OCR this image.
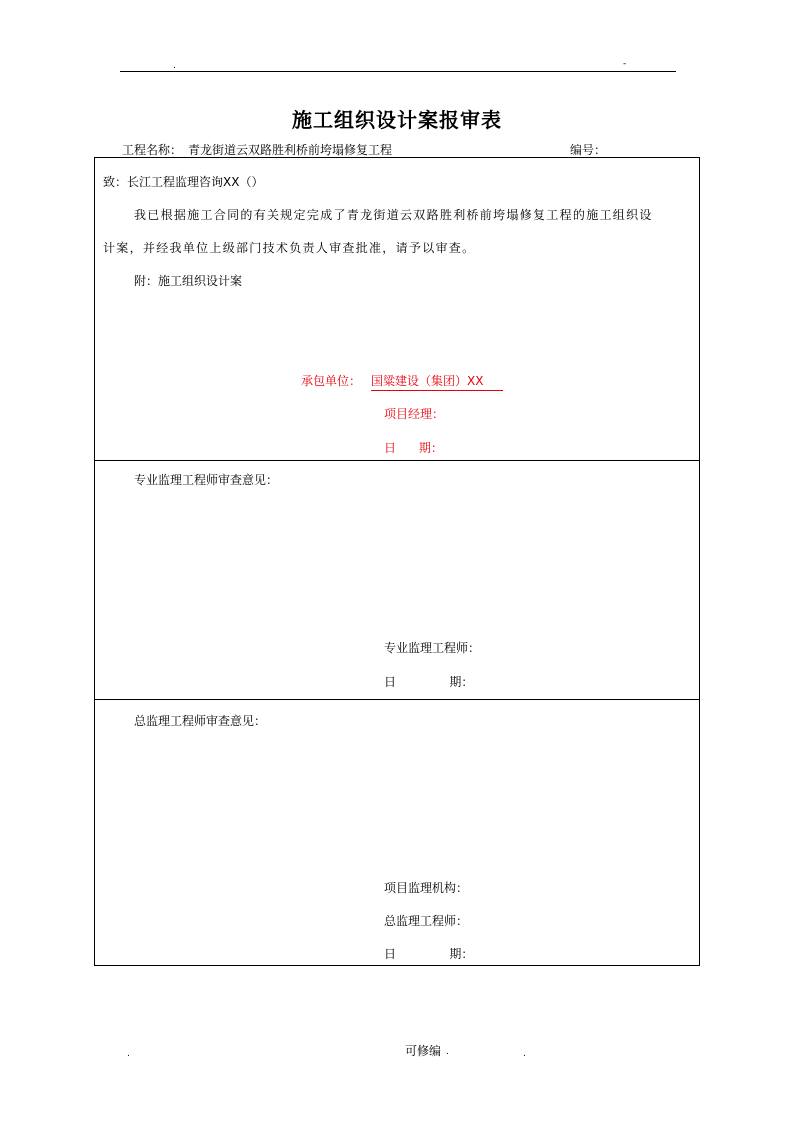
.	-
施工组织设计案报审表
工程名称： 青龙街道云双路胜利桥前垮塌修复工程	编号：
致：长江工程监理咨询XX（）
我已根据施工合同的有关规定完成了青龙街道云双路胜利桥前垮塌修复工程的施工组织设
计案，并经我单位上级部门技术负责人审查批准，请予以审查。
附：施工组织设计案
承包单位： 国粱建设（集团）XX
项目经理：
日      期：
专业监理工程师审查意见：
专业监理工程师：
日              期：
总监理工程师审查意见：
项目监理机构：
总监理工程师：
日              期：
.	可修编 .	.
